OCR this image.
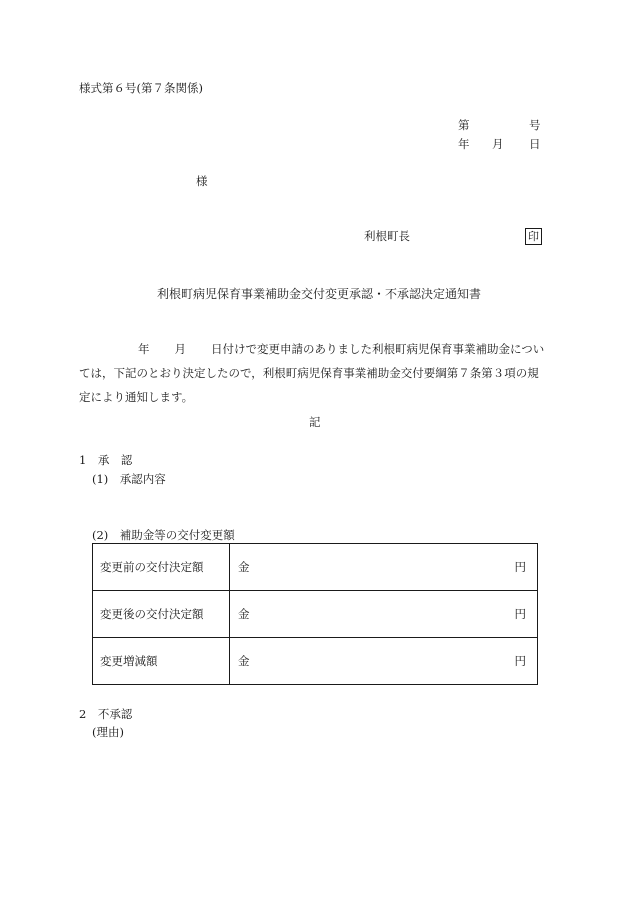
様式第６号(第７条関係)
第	号
年 月 日
様
利根町長	印
利根町病児保育事業補助金交付変更承認・不承認決定通知書
年 月 日付けで変更申請のありました利根町病児保育事業補助金につい
ては，下記のとおり決定したので，利根町病児保育事業補助金交付要綱第７条第３項の規
定により通知します。
記
1　承　認
(1)　承認内容
(2)　補助金等の交付変更額
変更前の交付決定額	金 円

変更後の交付決定額	金 円

変更増減額	金 円
2　不承認
(理由)
